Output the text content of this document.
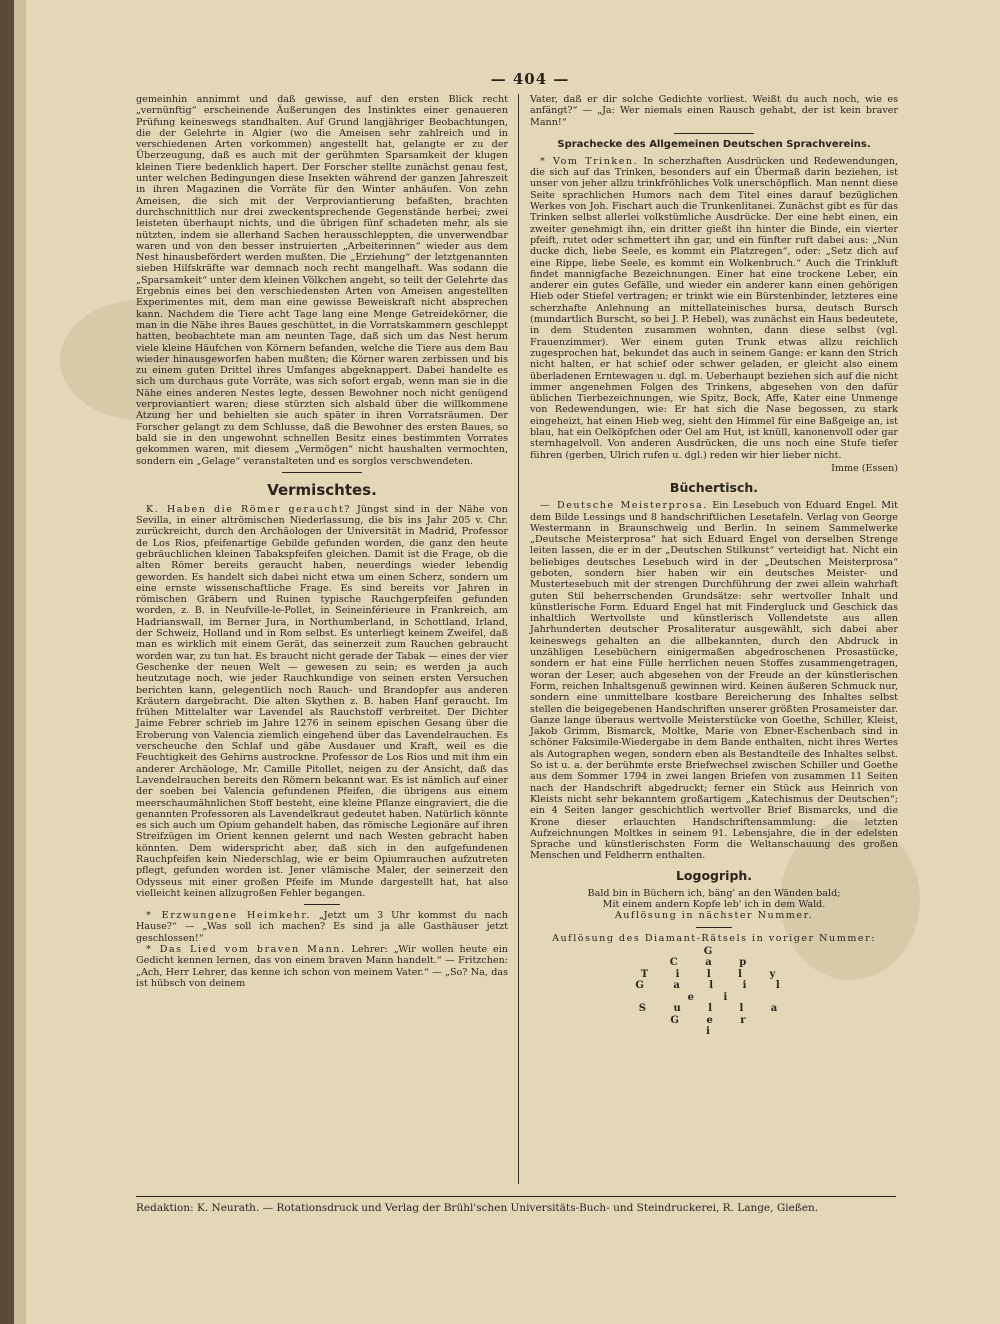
— 404 —

gemeinhin annimmt und daß gewisse, auf den ersten Blick recht „vernünftig“ erscheinende Äußerungen des Instinktes einer genaueren Prüfung keineswegs standhalten. Auf Grund langjähriger Beobachtungen, die der Gelehrte in Algier (wo die Ameisen sehr zahlreich und in verschiedenen Arten vorkommen) angestellt hat, gelangte er zu der Überzeugung, daß es auch mit der gerühmten Sparsamkeit der klugen kleinen Tiere bedenklich hapert. Der Forscher stellte zunächst genau fest, unter welchen Bedingungen diese Insekten während der ganzen Jahreszeit in ihren Magazinen die Vorräte für den Winter anhäufen. Von zehn Ameisen, die sich mit der Verproviantierung befaßten, brachten durchschnittlich nur drei zweckentsprechende Gegenstände herbei; zwei leisteten überhaupt nichts, und die übrigen fünf schadeten mehr, als sie nützten, indem sie allerhand Sachen herausschleppten, die unverwendbar waren und von den besser instruierten „Arbeiterinnen“ wieder aus dem Nest hinausbefördert werden mußten. Die „Erziehung“ der letztgenannten sieben Hilfskräfte war demnach noch recht mangelhaft. Was sodann die „Sparsamkeit“ unter dem kleinen Völkchen angeht, so teilt der Gelehrte das Ergebnis eines bei den verschiedensten Arten von Ameisen angestellten Experimentes mit, dem man eine gewisse Beweiskraft nicht absprechen kann. Nachdem die Tiere acht Tage lang eine Menge Getreidekörner, die man in die Nähe ihres Baues geschüttet, in die Vorratskammern geschleppt hatten, beobachtete man am neunten Tage, daß sich um das Nest herum viele kleine Häufchen von Körnern befanden, welche die Tiere aus dem Bau wieder hinausgeworfen haben mußten; die Körner waren zerbissen und bis zu einem guten Drittel ihres Umfanges abgeknappert. Dabei handelte es sich um durchaus gute Vorräte, was sich sofort ergab, wenn man sie in die Nähe eines anderen Nestes legte, dessen Bewohner noch nicht genügend verproviantiert waren; diese stürzten sich alsbald über die willkommene Atzung her und behielten sie auch später in ihren Vorratsräumen. Der Forscher gelangt zu dem Schlusse, daß die Bewohner des ersten Baues, so bald sie in den ungewohnt schnellen Besitz eines bestimmten Vorrates gekommen waren, mit diesem „Vermögen“ nicht haushalten vermochten, sondern ein „Gelage“ veranstalteten und es sorglos verschwendeten.

Vermischtes.

K. Haben die Römer geraucht? Jüngst sind in der Nähe von Sevilla, in einer altrömischen Niederlassung, die bis ins Jahr 205 v. Chr. zurückreicht, durch den Archäologen der Universität in Madrid, Professor de Los Rios, pfeifenartige Gebilde gefunden worden, die ganz den heute gebräuchlichen kleinen Tabakspfeifen gleichen. Damit ist die Frage, ob die alten Römer bereits geraucht haben, neuerdings wieder lebendig geworden. Es handelt sich dabei nicht etwa um einen Scherz, sondern um eine ernste wissenschaftliche Frage. Es sind bereits vor Jahren in römischen Gräbern und Ruinen typische Rauchgerpfeifen gefunden worden, z. B. in Neufville-le-Pollet, in Seineinférieure in Frankreich, am Hadrianswall, im Berner Jura, in Northumberland, in Schottland, Irland, der Schweiz, Holland und in Rom selbst. Es unterliegt keinem Zweifel, daß man es wirklich mit einem Gerät, das seinerzeit zum Rauchen gebraucht worden war, zu tun hat. Es braucht nicht gerade der Tabak — eines der vier Geschenke der neuen Welt — gewesen zu sein; es werden ja auch heutzutage noch, wie jeder Rauchkundige von seinen ersten Versuchen berichten kann, gelegentlich noch Rauch- und Brandopfer aus anderen Kräutern dargebracht. Die alten Skythen z. B. haben Hanf geraucht. Im frühen Mittelalter war Lavendel als Rauchstoff verbreitet. Der Dichter Jaime Febrer schrieb im Jahre 1276 in seinem epischen Gesang über die Eroberung von Valencia ziemlich eingehend über das Lavendelrauchen. Es verscheuche den Schlaf und gäbe Ausdauer und Kraft, weil es die Feuchtigkeit des Gehirns austrockne. Professor de Los Rios und mit ihm ein anderer Archäologe, Mr. Camille Pitollet, neigen zu der Ansicht, daß das Lavendelrauchen bereits den Römern bekannt war. Es ist nämlich auf einer der soeben bei Valencia gefundenen Pfeifen, die übrigens aus einem meerschaumähnlichen Stoff besteht, eine kleine Pflanze eingraviert, die die genannten Professoren als Lavendelkraut gedeutet haben. Natürlich könnte es sich auch um Opium gehandelt haben, das römische Legionäre auf ihren Streifzügen im Orient kennen gelernt und nach Westen gebracht haben könnten. Dem widerspricht aber, daß sich in den aufgefundenen Rauchpfeifen kein Niederschlag, wie er beim Opiumrauchen aufzutreten pflegt, gefunden worden ist. Jener vlämische Maler, der seinerzeit den Odysseus mit einer großen Pfeife im Munde dargestellt hat, hat also vielleicht keinen allzugroßen Fehler begangen.

* Erzwungene Heimkehr. „Jetzt um 3 Uhr kommst du nach Hause?“ — „Was soll ich machen? Es sind ja alle Gasthäuser jetzt geschlossen!“

* Das Lied vom braven Mann. Lehrer: „Wir wollen heute ein Gedicht kennen lernen, das von einem braven Mann handelt.“ — Fritzchen: „Ach, Herr Lehrer, das kenne ich schon von meinem Vater.“ — „So? Na, das ist hübsch von deinem

Vater, daß er dir solche Gedichte vorliest. Weißt du auch noch, wie es anfängt?“ — „Ja: Wer niemals einen Rausch gehabt, der ist kein braver Mann!“

Sprachecke des Allgemeinen Deutschen Sprachvereins.

* Vom Trinken. In scherzhaften Ausdrücken und Redewendungen, die sich auf das Trinken, besonders auf ein Übermaß darin beziehen, ist unser von jeher allzu trinkfröhliches Volk unerschöpflich. Man nennt diese Seite sprachlichen Humors nach dem Titel eines darauf bezüglichen Werkes von Joh. Fischart auch die Trunkenlitanei. Zunächst gibt es für das Trinken selbst allerlei volkstümliche Ausdrücke. Der eine hebt einen, ein zweiter genehmigt ihn, ein dritter gießt ihn hinter die Binde, ein vierter pfeift, rutet oder schmettert ihn gar, und ein fünfter ruft dabei aus: „Nun ducke dich, liebe Seele, es kommt ein Platzregen“, oder: „Setz dich auf eine Rippe, liebe Seele, es kommt ein Wolkenbruch.“ Auch die Trinkluft findet mannigfache Bezeichnungen. Einer hat eine trockene Leber, ein anderer ein gutes Gefälle, und wieder ein anderer kann einen gehörigen Hieb oder Stiefel vertragen; er trinkt wie ein Bürstenbinder, letzteres eine scherzhafte Anlehnung an mittellateinisches bursa, deutsch Bursch (mundartlich Burscht, so bei J. P. Hebel), was zunächst ein Haus bedeutete, in dem Studenten zusammen wohnten, dann diese selbst (vgl. Frauenzimmer). Wer einem guten Trunk etwas allzu reichlich zugesprochen hat, bekundet das auch in seinem Gange: er kann den Strich nicht halten, er hat schief oder schwer geladen, er gleicht also einem überladenen Erntewagen u. dgl. m. Ueberhaupt beziehen sich auf die nicht immer angenehmen Folgen des Trinkens, abgesehen von den dafür üblichen Tierbezeichnungen, wie Spitz, Bock, Affe, Kater eine Unmenge von Redewendungen, wie: Er hat sich die Nase begossen, zu stark eingeheizt, hat einen Hieb weg, sieht den Himmel für eine Baßgeige an, ist blau, hat ein Oelköpfchen oder Oel am Hut, ist knüll, kanonenvoll oder gar sternhagelvoll. Von anderen Ausdrücken, die uns noch eine Stufe tiefer führen (gerben, Ulrich rufen u. dgl.) reden wir hier lieber nicht.

Imme (Essen)
Büchertisch.

— Deutsche Meisterprosa. Ein Lesebuch von Eduard Engel. Mit dem Bilde Lessings und 8 handschriftlichen Lesetafeln. Verlag von George Westermann in Braunschweig und Berlin. In seinem Sammelwerke „Deutsche Meisterprosa“ hat sich Eduard Engel von derselben Strenge leiten lassen, die er in der „Deutschen Stilkunst“ verteidigt hat. Nicht ein beliebiges deutsches Lesebuch wird in der „Deutschen Meisterprosa“ geboten, sondern hier haben wir ein deutsches Meister- und Mustertesebuch mit der strengen Durchführung der zwei allein wahrhaft guten Stil beherrschenden Grundsätze: sehr wertvoller Inhalt und künstlerische Form. Eduard Engel hat mit Findergluck und Geschick das inhaltlich Wertvollste und künstlerisch Vollendetste aus allen Jahrhunderten deutscher Prosaliteratur ausgewählt, sich dabei aber keineswegs gehalten an die allbekannten, durch den Abdruck in unzähligen Lesebüchern einigermaßen abgedroschenen Prosastücke, sondern er hat eine Fülle herrlichen neuen Stoffes zusammengetragen, woran der Leser, auch abgesehen von der Freude an der künstlerischen Form, reichen Inhaltsgenuß gewinnen wird. Keinen äußeren Schmuck nur, sondern eine unmittelbare kostbare Bereicherung des Inhaltes selbst stellen die beigegebenen Handschriften unserer größten Prosameister dar. Ganze lange überaus wertvolle Meisterstücke von Goethe, Schiller, Kleist, Jakob Grimm, Bismarck, Moltke, Marie von Ebner-Eschenbach sind in schöner Faksimile-Wiedergabe in dem Bande enthalten, nicht ihres Wertes als Autographen wegen, sondern eben als Bestandteile des Inhaltes selbst. So ist u. a. der berühmte erste Briefwechsel zwischen Schiller und Goethe aus dem Sommer 1794 in zwei langen Briefen von zusammen 11 Seiten nach der Handschrift abgedruckt; ferner ein Stück aus Heinrich von Kleists nicht sehr bekanntem großartigem „Katechismus der Deutschen“; ein 4 Seiten langer geschichtlich wertvoller Brief Bismarcks, und die Krone dieser erlauchten Handschriftensammlung: die letzten Aufzeichnungen Moltkes in seinem 91. Lebensjahre, die in der edelsten Sprache und künstlerischsten Form die Weltanschauung des großen Menschen und Feldherrn enthalten.

Logogriph.

Bald bin in Büchern ich, bäng' an den Wänden bald;

Mit einem andern Kopfe leb' ich in dem Wald.

Auflösung in nächster Nummer.

Auflösung des Diamant-Rätsels in voriger Nummer:

G
C a p
T i l l y
G a l i l e i
S u l l a
G e r
i
Redaktion: K. Neurath. — Rotationsdruck und Verlag der Brühl'schen Universitäts-Buch- und Steindruckerei, R. Lange, Gießen.
